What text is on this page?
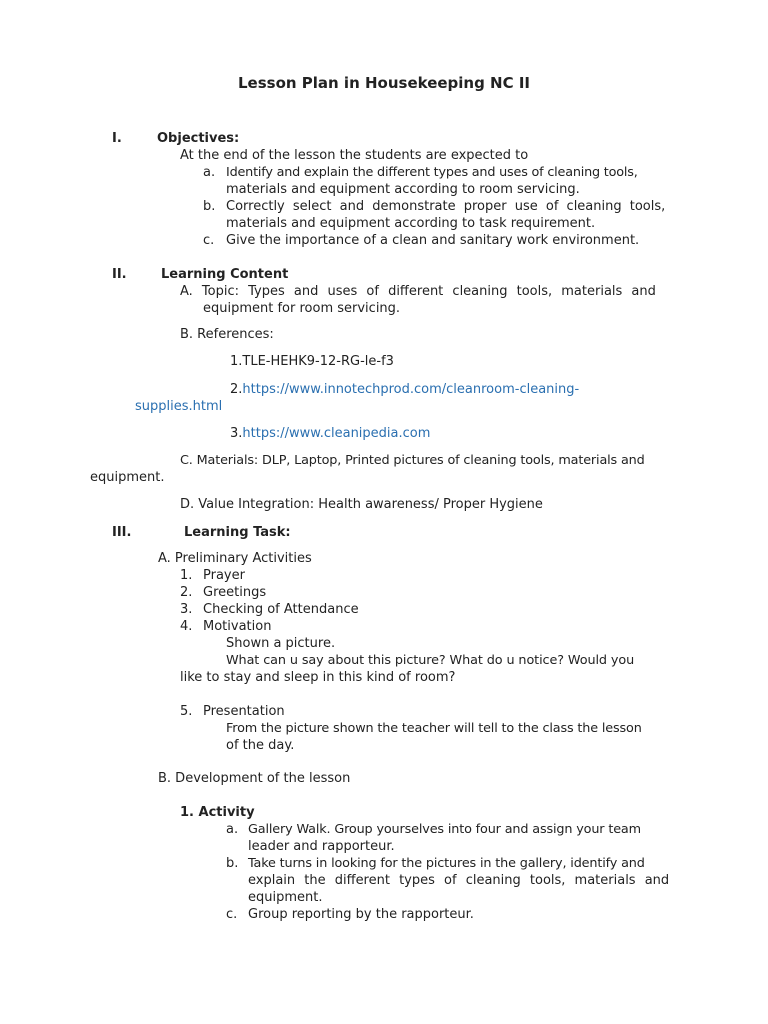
Lesson Plan in Housekeeping NC II
I.	Objectives:
At the end of the lesson the students are expected to
a. Identify and explain the different types and uses of cleaning tools,
materials and equipment according to room servicing.
b. Correctly select and demonstrate proper use of cleaning tools,
materials and equipment according to task requirement.
c. Give the importance of a clean and sanitary work environment.
II.	Learning Content
A. Topic: Types and uses of different cleaning tools, materials and
equipment for room servicing.
B. References:
1.TLE-HEHK9-12-RG-le-f3
2.https://www.innotechprod.com/cleanroom-cleaning-
supplies.html
3.https://www.cleanipedia.com
C. Materials: DLP, Laptop, Printed pictures of cleaning tools, materials and
equipment.
D. Value Integration: Health awareness/ Proper Hygiene
III.	Learning Task:
A. Preliminary Activities
1. Prayer
2. Greetings
3. Checking of Attendance
4. Motivation
Shown a picture.
What can u say about this picture? What do u notice? Would you
like to stay and sleep in this kind of room?
5. Presentation
From the picture shown the teacher will tell to the class the lesson
of the day.
B. Development of the lesson
1. Activity
a. Gallery Walk. Group yourselves into four and assign your team
leader and rapporteur.
b. Take turns in looking for the pictures in the gallery, identify and
explain the different types of cleaning tools, materials and
equipment.
c. Group reporting by the rapporteur.
